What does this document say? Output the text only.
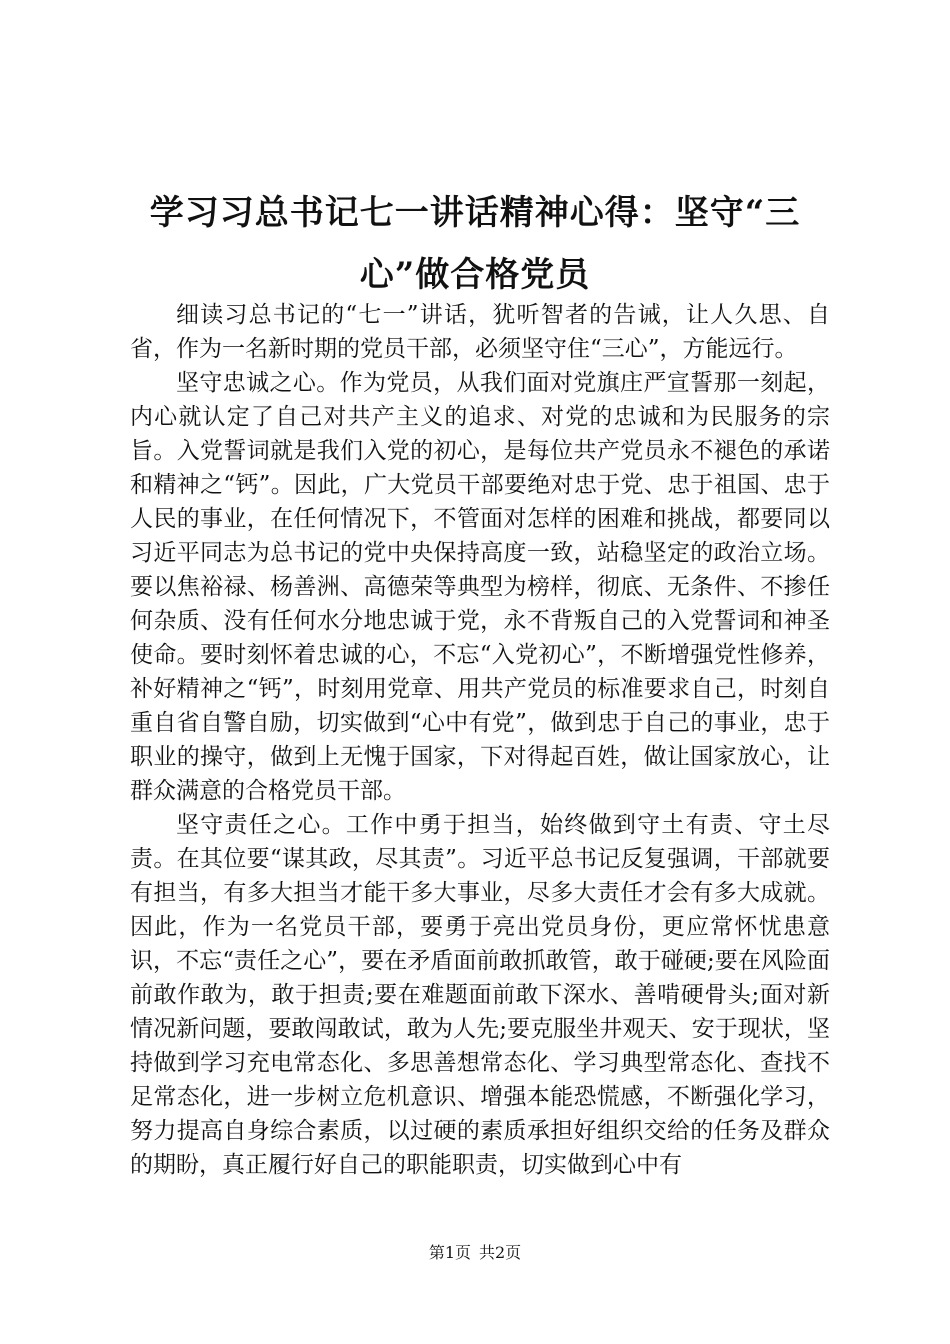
学习习总书记七一讲话精神心得：坚守“三心”做合格党员

细读习总书记的“七一”讲话，犹听智者的告诫，让人久思、自省，作为一名新时期的党员干部，必须坚守住“三心”，方能远行。

坚守忠诚之心。作为党员，从我们面对党旗庄严宣誓那一刻起，内心就认定了自己对共产主义的追求、对党的忠诚和为民服务的宗旨。入党誓词就是我们入党的初心，是每位共产党员永不褪色的承诺和精神之“钙”。因此，广大党员干部要绝对忠于党、忠于祖国、忠于人民的事业，在任何情况下，不管面对怎样的困难和挑战，都要同以习近平同志为总书记的党中央保持高度一致，站稳坚定的政治立场。要以焦裕禄、杨善洲、高德荣等典型为榜样，彻底、无条件、不掺任何杂质、没有任何水分地忠诚于党，永不背叛自己的入党誓词和神圣使命。要时刻怀着忠诚的心，不忘“入党初心”，不断增强党性修养，补好精神之“钙”，时刻用党章、用共产党员的标准要求自己，时刻自重自省自警自励，切实做到“心中有党”，做到忠于自己的事业，忠于职业的操守，做到上无愧于国家，下对得起百姓，做让国家放心，让群众满意的合格党员干部。

坚守责任之心。工作中勇于担当，始终做到守土有责、守土尽责。在其位要“谋其政，尽其责”。习近平总书记反复强调，干部就要有担当，有多大担当才能干多大事业，尽多大责任才会有多大成就。因此，作为一名党员干部，要勇于亮出党员身份，更应常怀忧患意识，不忘“责任之心”，要在矛盾面前敢抓敢管，敢于碰硬;要在风险面前敢作敢为，敢于担责;要在难题面前敢下深水、善啃硬骨头;面对新情况新问题，要敢闯敢试，敢为人先;要克服坐井观天、安于现状，坚持做到学习充电常态化、多思善想常态化、学习典型常态化、查找不足常态化，进一步树立危机意识、增强本能恐慌感，不断强化学习，努力提高自身综合素质，以过硬的素质承担好组织交给的任务及群众的期盼，真正履行好自己的职能职责，切实做到心中有

第1页 共2页
